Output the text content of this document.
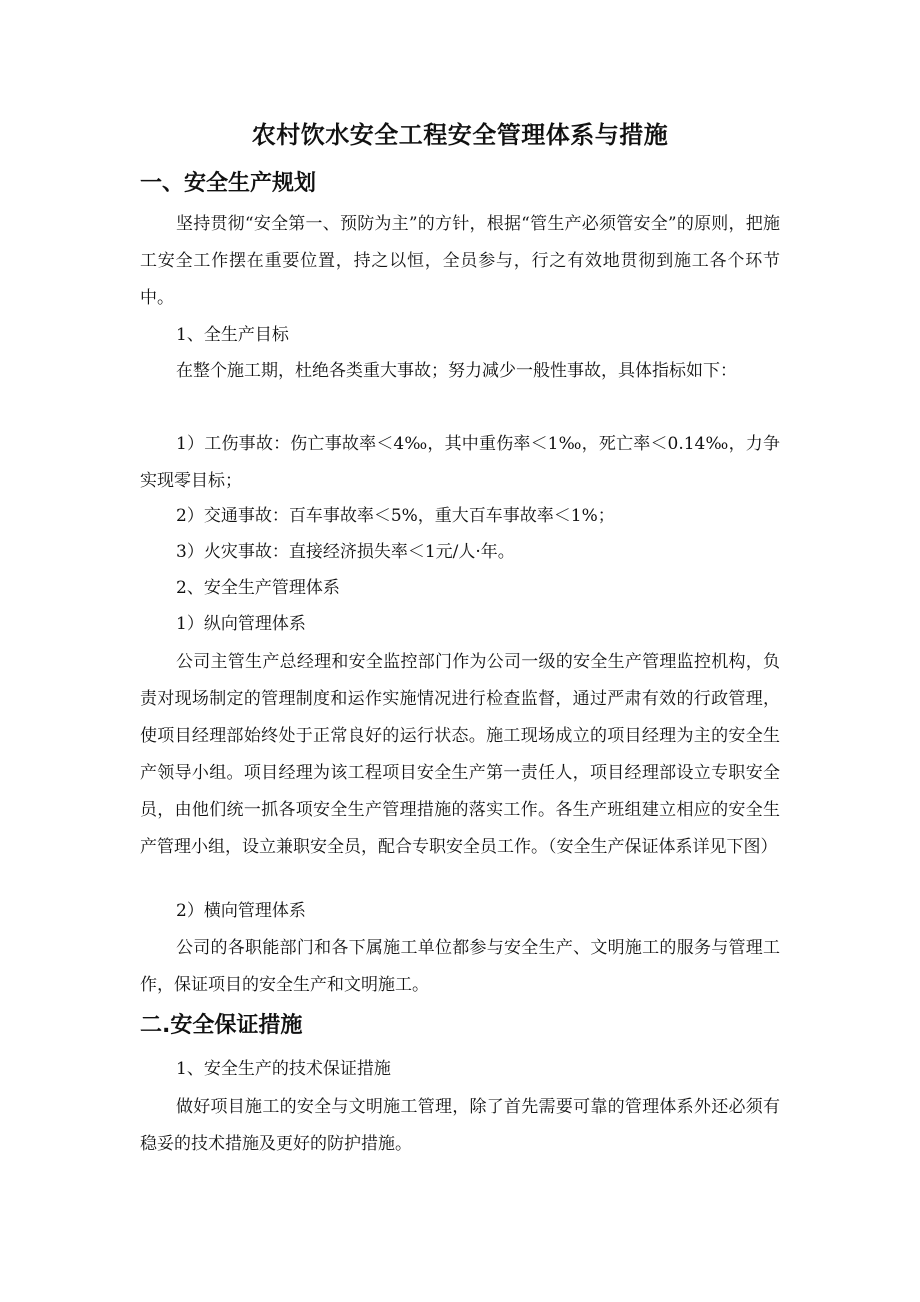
农村饮水安全工程安全管理体系与措施
一、安全生产规划
坚持贯彻“安全第一、预防为主”的方针，根据“管生产必须管安全”的原则，把施工安全工作摆在重要位置，持之以恒，全员参与，行之有效地贯彻到施工各个环节中。
1、全生产目标
在整个施工期，杜绝各类重大事故；努力减少一般性事故，具体指标如下：
1）工伤事故：伤亡事故率＜4‰，其中重伤率＜1‰，死亡率＜0.14‰，力争实现零目标；
2）交通事故：百车事故率＜5%，重大百车事故率＜1%；
3）火灾事故：直接经济损失率＜1元/人·年。
2、安全生产管理体系
1）纵向管理体系
公司主管生产总经理和安全监控部门作为公司一级的安全生产管理监控机构，负责对现场制定的管理制度和运作实施情况进行检查监督，通过严肃有效的行政管理，使项目经理部始终处于正常良好的运行状态。施工现场成立的项目经理为主的安全生产领导小组。项目经理为该工程项目安全生产第一责任人，项目经理部设立专职安全员，由他们统一抓各项安全生产管理措施的落实工作。各生产班组建立相应的安全生产管理小组，设立兼职安全员，配合专职安全员工作。（安全生产保证体系详见下图）
2）横向管理体系
公司的各职能部门和各下属施工单位都参与安全生产、文明施工的服务与管理工作，保证项目的安全生产和文明施工。
二.安全保证措施
1、安全生产的技术保证措施
做好项目施工的安全与文明施工管理，除了首先需要可靠的管理体系外还必须有稳妥的技术措施及更好的防护措施。
